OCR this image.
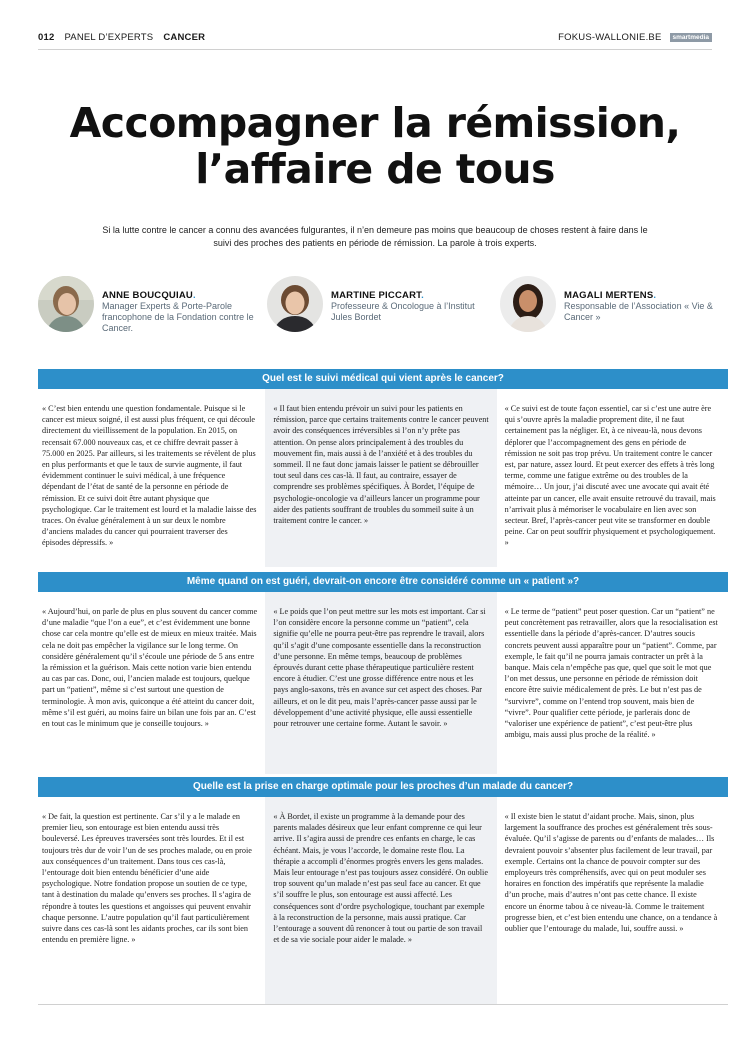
012 PANEL D’EXPERTS CANCER	FOKUS-WALLONIE.BE	smartmedia
Accompagner la rémission,
l’affaire de tous

Si la lutte contre le cancer a connu des avancées fulgurantes, il n’en demeure pas moins que beaucoup de choses restent à faire dans le suivi des proches des patients en période de rémission. La parole à trois experts.

ANNE BOUCQUIAU.
Manager Experts & Porte-Parole francophone de la Fondation contre le Cancer.
MARTINE PICCART.
Professeure & Oncologue à l’Institut Jules Bordet
MAGALI MERTENS.
Responsable de l’Association « Vie & Cancer »
Quel est le suivi médical qui vient après le cancer?
« C’est bien entendu une question fondamentale. Puisque si le cancer est mieux soigné, il est aussi plus fréquent, ce qui découle directement du vieillissement de la population. En 2015, on recensait 67.000 nouveaux cas, et ce chiffre devrait passer à 75.000 en 2025. Par ailleurs, si les traitements se révèlent de plus en plus performants et que le taux de survie augmente, il faut évidemment continuer le suivi médical, à une fréquence dépendant de l’état de santé de la personne en période de rémission. Et ce suivi doit être autant physique que psychologique. Car le traitement est lourd et la maladie laisse des traces. On évalue généralement à un sur deux le nombre d’anciens malades du cancer qui pourraient traverser des épisodes dépressifs. »
« Il faut bien entendu prévoir un suivi pour les patients en rémission, parce que certains traitements contre le cancer peuvent avoir des conséquences irréversibles si l’on n’y prête pas attention. On pense alors principalement à des troubles du mouvement fin, mais aussi à de l’anxiété et à des troubles du sommeil. Il ne faut donc jamais laisser le patient se débrouiller tout seul dans ces cas-là. Il faut, au contraire, essayer de comprendre ses problèmes spécifiques. À Bordet, l’équipe de psychologie-oncologie va d’ailleurs lancer un programme pour aider des patients souffrant de troubles du sommeil suite à un traitement contre le cancer. »
« Ce suivi est de toute façon essentiel, car si c’est une autre ère qui s’ouvre après la maladie proprement dite, il ne faut certainement pas la négliger. Et, à ce niveau-là, nous devons déplorer que l’accompagnement des gens en période de rémission ne soit pas trop prévu. Un traitement contre le cancer est, par nature, assez lourd. Et peut exercer des effets à très long terme, comme une fatigue extrême ou des troubles de la mémoire… Un jour, j’ai discuté avec une avocate qui avait été atteinte par un cancer, elle avait ensuite retrouvé du travail, mais n’arrivait plus à mémoriser le vocabulaire en lien avec son secteur. Bref, l’après-cancer peut vite se transformer en double peine. Car on peut souffrir physiquement et psychologiquement. »
Même quand on est guéri, devrait-on encore être considéré comme un « patient »?
« Aujourd’hui, on parle de plus en plus souvent du cancer comme d’une maladie “que l’on a eue”, et c’est évidemment une bonne chose car cela montre qu’elle est de mieux en mieux traitée. Mais cela ne doit pas empêcher la vigilance sur le long terme. On considère généralement qu’il s’écoule une période de 5 ans entre la rémission et la guérison. Mais cette notion varie bien entendu au cas par cas. Donc, oui, l’ancien malade est toujours, quelque part un “patient”, même si c’est surtout une question de terminologie. À mon avis, quiconque a été atteint du cancer doit, même s’il est guéri, au moins faire un bilan une fois par an. C’est en tout cas le minimum que je conseille toujours. »
« Le poids que l’on peut mettre sur les mots est important. Car si l’on considère encore la personne comme un “patient”, cela signifie qu’elle ne pourra peut-être pas reprendre le travail, alors qu’il s’agit d’une composante essentielle dans la reconstruction d’une personne. En même temps, beaucoup de problèmes éprouvés durant cette phase thérapeutique particulière restent encore à étudier. C’est une grosse différence entre nous et les pays anglo-saxons, très en avance sur cet aspect des choses. Par ailleurs, et on le dit peu, mais l’après-cancer passe aussi par le développement d’une activité physique, elle aussi essentielle pour retrouver une certaine forme. Autant le savoir. »
« Le terme de “patient” peut poser question. Car un “patient” ne peut concrètement pas retravailler, alors que la resocialisation est essentielle dans la période d’après-cancer. D’autres soucis concrets peuvent aussi apparaître pour un “patient”. Comme, par exemple, le fait qu’il ne pourra jamais contracter un prêt à la banque. Mais cela n’empêche pas que, quel que soit le mot que l’on met dessus, une personne en période de rémission doit encore être suivie médicalement de près. Le but n’est pas de “survivre”, comme on l’entend trop souvent, mais bien de “vivre”. Pour qualifier cette période, je parlerais donc de “valoriser une expérience de patient”, c’est peut-être plus ambigu, mais aussi plus proche de la réalité. »
Quelle est la prise en charge optimale pour les proches d’un malade du cancer?
« De fait, la question est pertinente. Car s’il y a le malade en premier lieu, son entourage est bien entendu aussi très bouleversé. Les épreuves traversées sont très lourdes. Et il est toujours très dur de voir l’un de ses proches malade, ou en proie aux conséquences d’un traitement. Dans tous ces cas-là, l’entourage doit bien entendu bénéficier d’une aide psychologique. Notre fondation propose un soutien de ce type, tant à destination du malade qu’envers ses proches. Il s’agira de répondre à toutes les questions et angoisses qui peuvent envahir chaque personne. L’autre population qu’il faut particulièrement suivre dans ces cas-là sont les aidants proches, car ils sont bien entendu en première ligne. »
« À Bordet, il existe un programme à la demande pour des parents malades désireux que leur enfant comprenne ce qui leur arrive. Il s’agira aussi de prendre ces enfants en charge, le cas échéant. Mais, je vous l’accorde, le domaine reste flou. La thérapie a accompli d’énormes progrès envers les gens malades. Mais leur entourage n’est pas toujours assez considéré. On oublie trop souvent qu’un malade n’est pas seul face au cancer. Et que s’il souffre le plus, son entourage est aussi affecté. Les conséquences sont d’ordre psychologique, touchant par exemple à la reconstruction de la personne, mais aussi pratique. Car l’entourage a souvent dû renoncer à tout ou partie de son travail et de sa vie sociale pour aider le malade. »
« Il existe bien le statut d’aidant proche. Mais, sinon, plus largement la souffrance des proches est généralement très sous-évaluée. Qu’il s’agisse de parents ou d’enfants de malades… Ils devraient pouvoir s’absenter plus facilement de leur travail, par exemple. Certains ont la chance de pouvoir compter sur des employeurs très compréhensifs, avec qui on peut moduler ses horaires en fonction des impératifs que représente la maladie d’un proche, mais d’autres n’ont pas cette chance. Il existe encore un énorme tabou à ce niveau-là. Comme le traitement progresse bien, et c’est bien entendu une chance, on a tendance à oublier que l’entourage du malade, lui, souffre aussi. »
